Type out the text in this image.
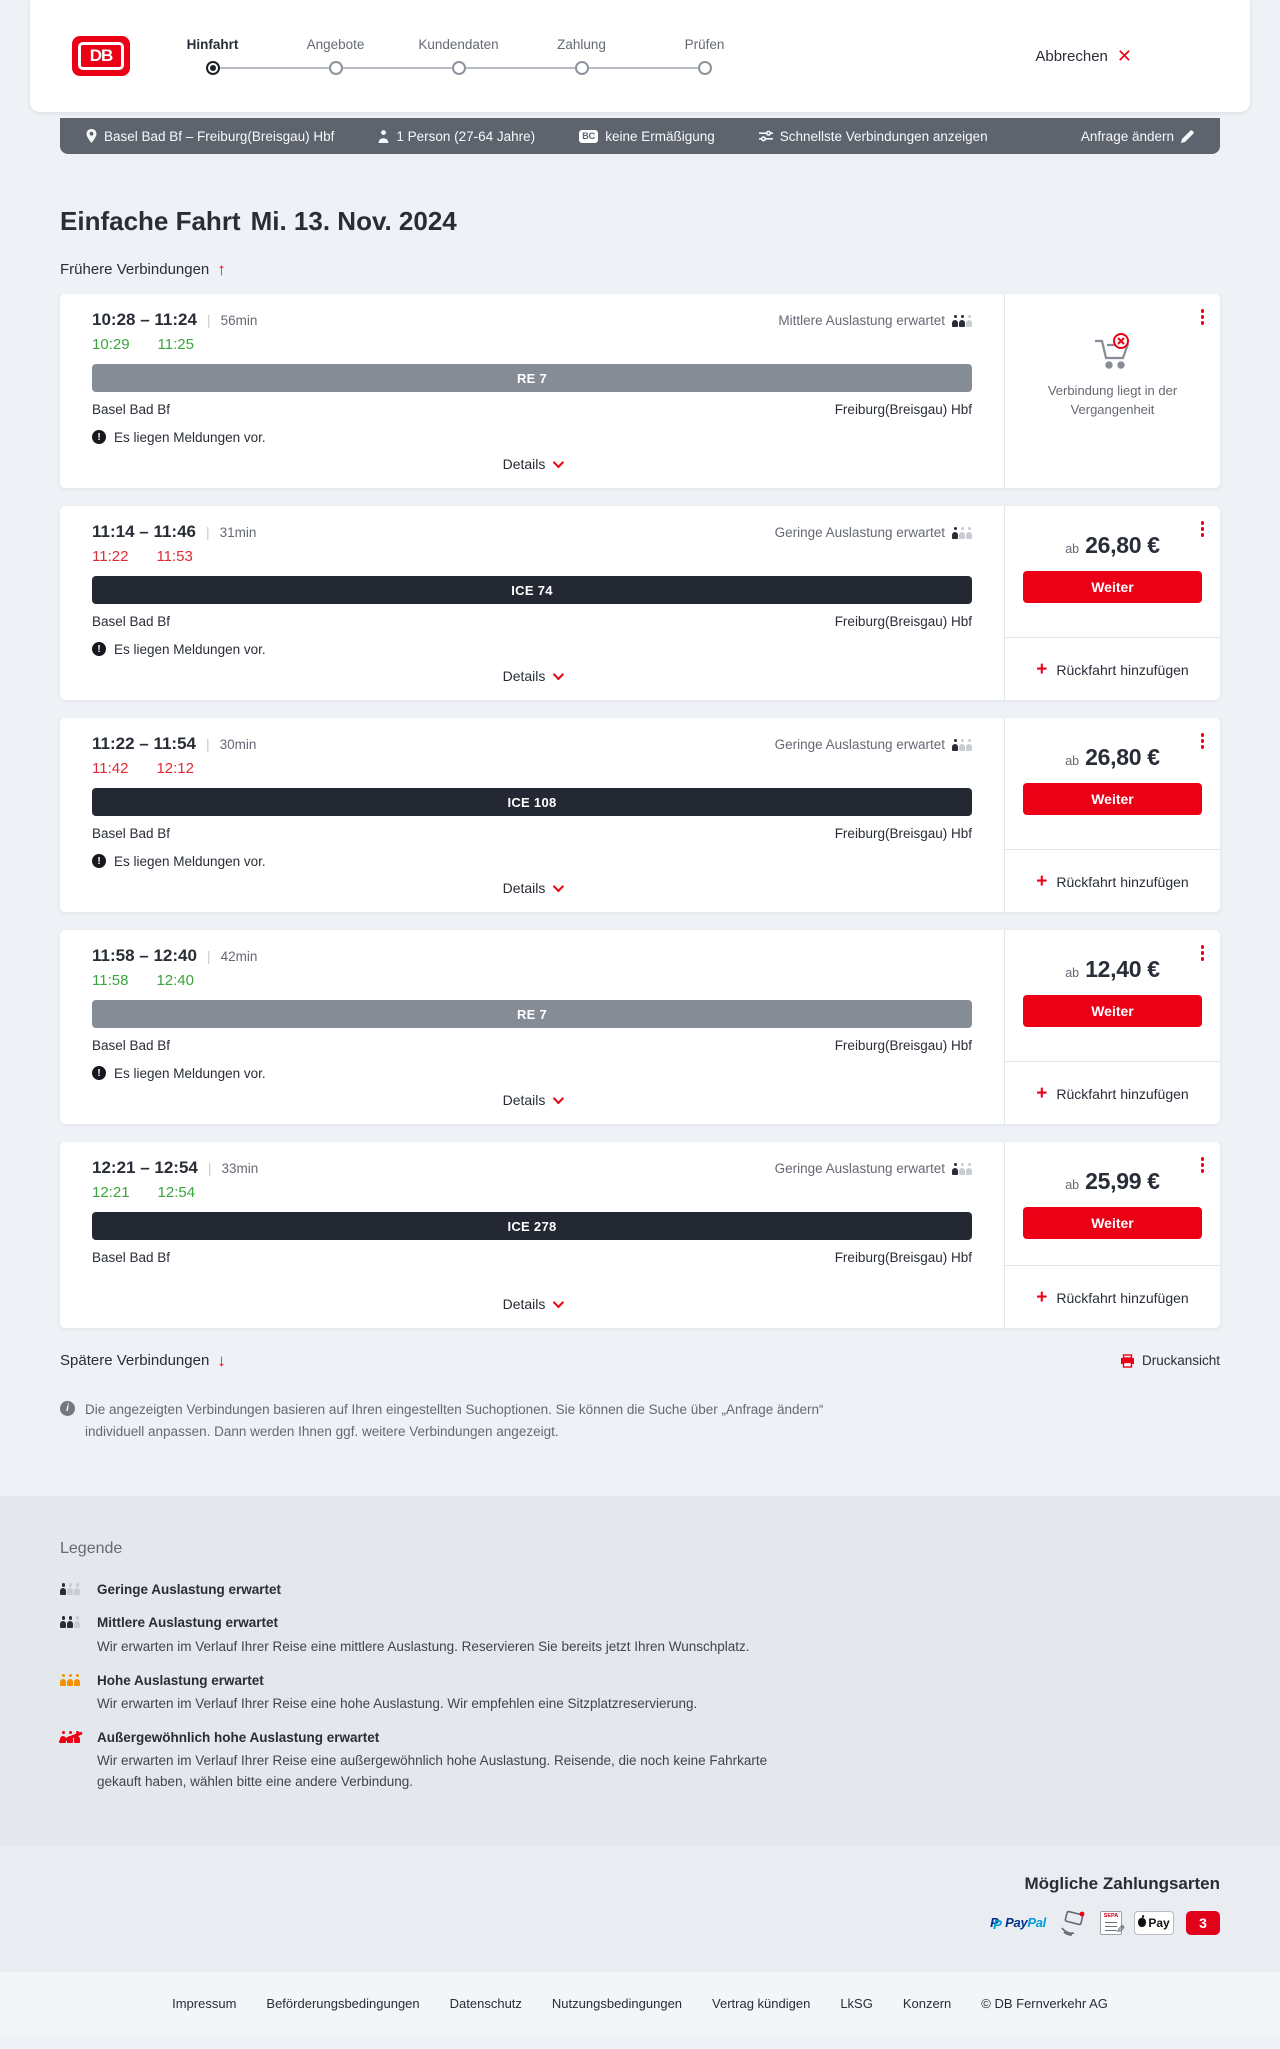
DB
Hinfahrt	Angebote	Kundendaten	Zahlung	Prüfen
Abbrechen ✕
Basel Bad Bf – Freiburg(Breisgau) Hbf	1 Person (27-64 Jahre)	BC keine Ermäßigung	Schnellste Verbindungen anzeigen	Anfrage ändern
Einfache Fahrt Mi. 13. Nov. 2024
Frühere Verbindungen ↑
10:28 – 11:24 | 56min	Mittlere Auslastung erwartet
10:29 11:25
RE 7
Basel Bad Bf	Freiburg(Breisgau) Hbf
! Es liegen Meldungen vor.
Details
Verbindung liegt in der Vergangenheit
11:14 – 11:46 | 31min	Geringe Auslastung erwartet
11:22 11:53
ICE 74
Basel Bad Bf	Freiburg(Breisgau) Hbf
! Es liegen Meldungen vor.
Details
ab 26,80 €
Weiter
+ Rückfahrt hinzufügen
11:22 – 11:54 | 30min	Geringe Auslastung erwartet
11:42 12:12
ICE 108
Basel Bad Bf	Freiburg(Breisgau) Hbf
! Es liegen Meldungen vor.
Details
ab 26,80 €
Weiter
+ Rückfahrt hinzufügen
11:58 – 12:40 | 42min
11:58 12:40
RE 7
Basel Bad Bf	Freiburg(Breisgau) Hbf
! Es liegen Meldungen vor.
Details
ab 12,40 €
Weiter
+ Rückfahrt hinzufügen
12:21 – 12:54 | 33min	Geringe Auslastung erwartet
12:21 12:54
ICE 278
Basel Bad Bf	Freiburg(Breisgau) Hbf
Details
ab 25,99 €
Weiter
+ Rückfahrt hinzufügen
Spätere Verbindungen ↓	Druckansicht
i	Die angezeigten Verbindungen basieren auf Ihren eingestellten Suchoptionen. Sie können die Suche über „Anfrage ändern“ individuell anpassen. Dann werden Ihnen ggf. weitere Verbindungen angezeigt.

Legende
Geringe Auslastung erwartet
Mittlere Auslastung erwartet
Wir erwarten im Verlauf Ihrer Reise eine mittlere Auslastung. Reservieren Sie bereits jetzt Ihren Wunschplatz.
Hohe Auslastung erwartet
Wir erwarten im Verlauf Ihrer Reise eine hohe Auslastung. Wir empfehlen eine Sitzplatzreservierung.
Außergewöhnlich hohe Auslastung erwartet
Wir erwarten im Verlauf Ihrer Reise eine außergewöhnlich hohe Auslastung. Reisende, die noch keine Fahrkarte gekauft haben, wählen bitte eine andere Verbindung.
Mögliche Zahlungsarten
P P
PayPal	SEPA
✎	Pay	3
Impressum Beförderungsbedingungen Datenschutz Nutzungsbedingungen Vertrag kündigen LkSG Konzern © DB Fernverkehr AG
